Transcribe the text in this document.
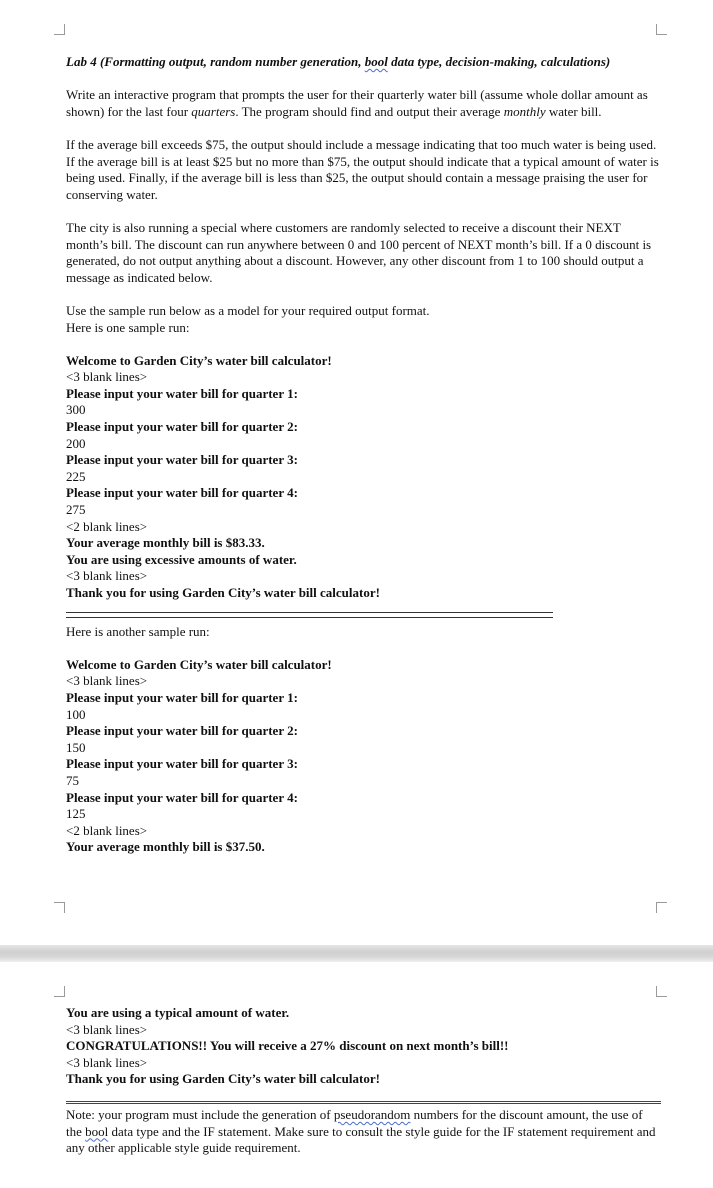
Lab 4 (Formatting output, random number generation, bool data type, decision-making, calculations)

Write an interactive program that prompts the user for their quarterly water bill (assume whole dollar amount as shown) for the last four quarters. The program should find and output their average monthly water bill.

If the average bill exceeds $75, the output should include a message indicating that too much water is being used. If the average bill is at least $25 but no more than $75, the output should indicate that a typical amount of water is being used. Finally, if the average bill is less than $25, the output should contain a message praising the user for conserving water.

The city is also running a special where customers are randomly selected to receive a discount their NEXT month’s bill. The discount can run anywhere between 0 and 100 percent of NEXT month’s bill. If a 0 discount is generated, do not output anything about a discount. However, any other discount from 1 to 100 should output a message as indicated below.

Use the sample run below as a model for your required output format.

Here is one sample run:

Welcome to Garden City’s water bill calculator!

<3 blank lines>

Please input your water bill for quarter 1:

300

Please input your water bill for quarter 2:

200

Please input your water bill for quarter 3:

225

Please input your water bill for quarter 4:

275

<2 blank lines>

Your average monthly bill is $83.33.

You are using excessive amounts of water.

<3 blank lines>

Thank you for using Garden City’s water bill calculator!

Here is another sample run:

Welcome to Garden City’s water bill calculator!

<3 blank lines>

Please input your water bill for quarter 1:

100

Please input your water bill for quarter 2:

150

Please input your water bill for quarter 3:

75

Please input your water bill for quarter 4:

125

<2 blank lines>

Your average monthly bill is $37.50.

You are using a typical amount of water.

<3 blank lines>

CONGRATULATIONS!! You will receive a 27% discount on next month’s bill!!

<3 blank lines>

Thank you for using Garden City’s water bill calculator!

Note: your program must include the generation of pseudorandom numbers for the discount amount, the use of the bool data type and the IF statement. Make sure to consult the style guide for the IF statement requirement and any other applicable style guide requirement.
